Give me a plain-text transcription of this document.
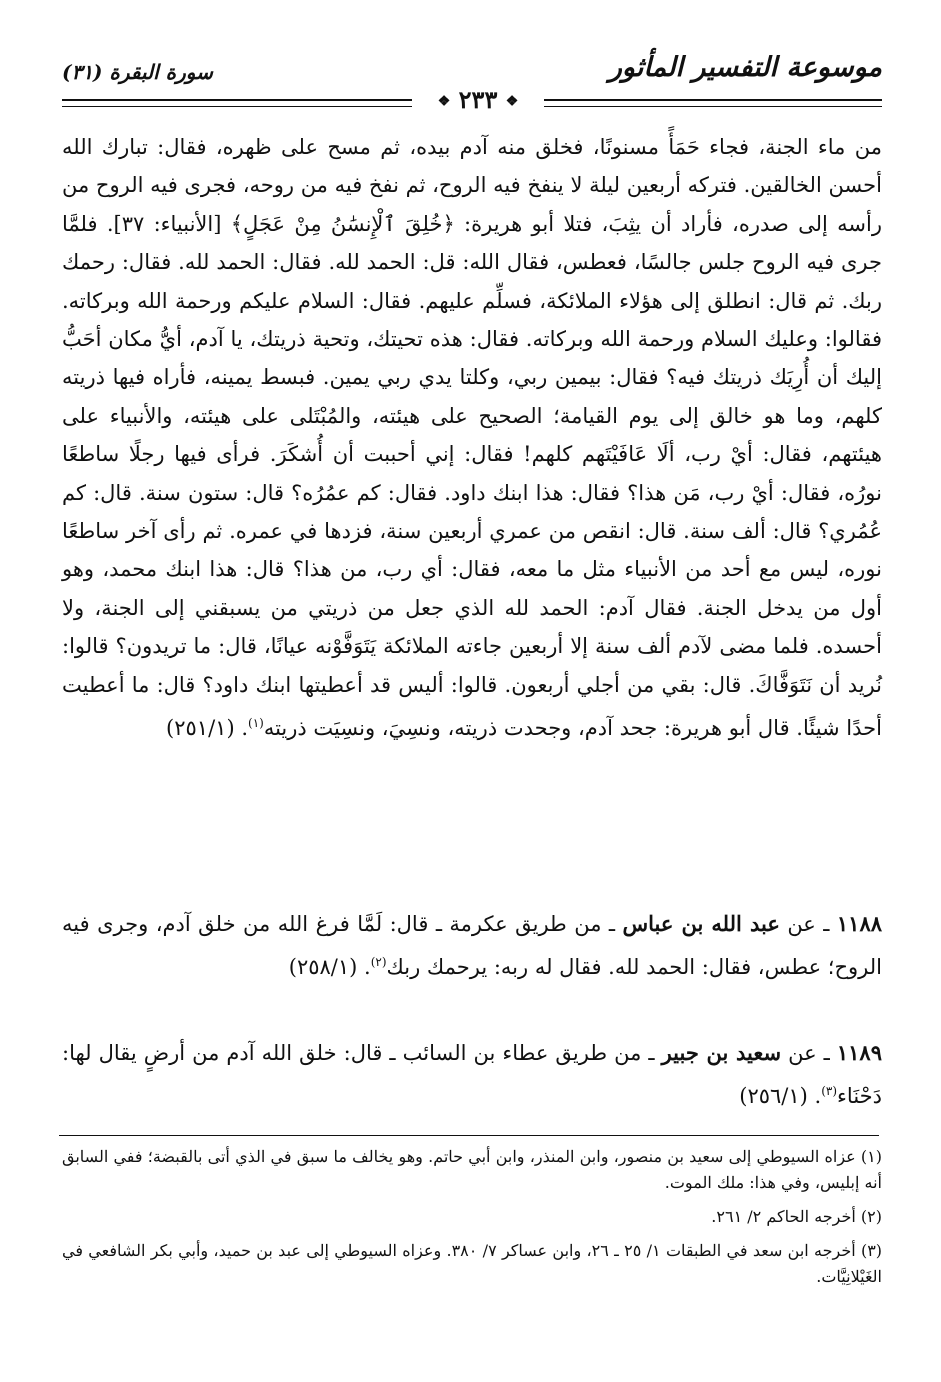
موسوعة التفسير المأثور
سورة البقرة (٣١)
❖ ٢٣٣ ❖

من ماء الجنة، فجاء حَمَأً مسنونًا، فخلق منه آدم بيده، ثم مسح على ظهره، فقال: تبارك الله أحسن الخالقين. فتركه أربعين ليلة لا ينفخ فيه الروح، ثم نفخ فيه من روحه، فجرى فيه الروح من رأسه إلى صدره، فأراد أن يثِبَ، فتلا أبو هريرة: ﴿خُلِقَ ٱلْإِنسَٰنُ مِنْ عَجَلٍ﴾ [الأنبياء: ٣٧]. فلمَّا جرى فيه الروح جلس جالسًا، فعطس، فقال الله: قل: الحمد لله. فقال: الحمد لله. فقال: رحمك ربك. ثم قال: انطلق إلى هؤلاء الملائكة، فسلِّم عليهم. فقال: السلام عليكم ورحمة الله وبركاته. فقالوا: وعليك السلام ورحمة الله وبركاته. فقال: هذه تحيتك، وتحية ذريتك، يا آدم، أيُّ مكان أحَبُّ إليك أن أُرِيَك ذريتك فيه؟ فقال: بيمين ربي، وكلتا يدي ربي يمين. فبسط يمينه، فأراه فيها ذريته كلهم، وما هو خالق إلى يوم القيامة؛ الصحيح على هيئته، والمُبْتَلى على هيئته، والأنبياء على هيئتهم، فقال: أيْ رب، ألَا عَافَيْتَهم كلهم! فقال: إني أحببت أن أُشكَرَ. فرأى فيها رجلًا ساطعًا نورُه، فقال: أيْ رب، مَن هذا؟ فقال: هذا ابنك داود. فقال: كم عمُرُه؟ قال: ستون سنة. قال: كم عُمُري؟ قال: ألف سنة. قال: انقص من عمري أربعين سنة، فزدها في عمره. ثم رأى آخر ساطعًا نوره، ليس مع أحد من الأنبياء مثل ما معه، فقال: أي رب، من هذا؟ قال: هذا ابنك محمد، وهو أول من يدخل الجنة. فقال آدم: الحمد لله الذي جعل من ذريتي من يسبقني إلى الجنة، ولا أحسده. فلما مضى لآدم ألف سنة إلا أربعين جاءته الملائكة يَتَوَفَّوْنه عيانًا، قال: ما تريدون؟ قالوا: نُريد أن نَتَوَفَّاكَ. قال: بقي من أجلي أربعون. قالوا: أليس قد أعطيتها ابنك داود؟ قال: ما أعطيت أحدًا شيئًا. قال أبو هريرة: جحد آدم، وجحدت ذريته، ونسِيَ، ونسِيَت ذريته$^{(١)}$. (٢٥١/١)

١١٨٨ ـ عن عبد الله بن عباس ـ من طريق عكرمة ـ قال: لَمَّا فرغ الله من خلق آدم، وجرى فيه الروح؛ عطس، فقال: الحمد لله. فقال له ربه: يرحمك ربك$^{(٢)}$. (٢٥٨/١)

١١٨٩ ـ عن سعيد بن جبير ـ من طريق عطاء بن السائب ـ قال: خلق الله آدم من أرضٍ يقال لها: دَحْنَاء$^{(٣)}$. (٢٥٦/١)

(١) عزاه السيوطي إلى سعيد بن منصور، وابن المنذر، وابن أبي حاتم. وهو يخالف ما سبق في الذي أتى بالقبضة؛ ففي السابق أنه إبليس، وفي هذا: ملك الموت.

(٢) أخرجه الحاكم ٢/ ٢٦١.

(٣) أخرجه ابن سعد في الطبقات ١/ ٢٥ ـ ٢٦، وابن عساكر ٧/ ٣٨٠. وعزاه السيوطي إلى عبد بن حميد، وأبي بكر الشافعي في الغَيْلانِيَّات.
